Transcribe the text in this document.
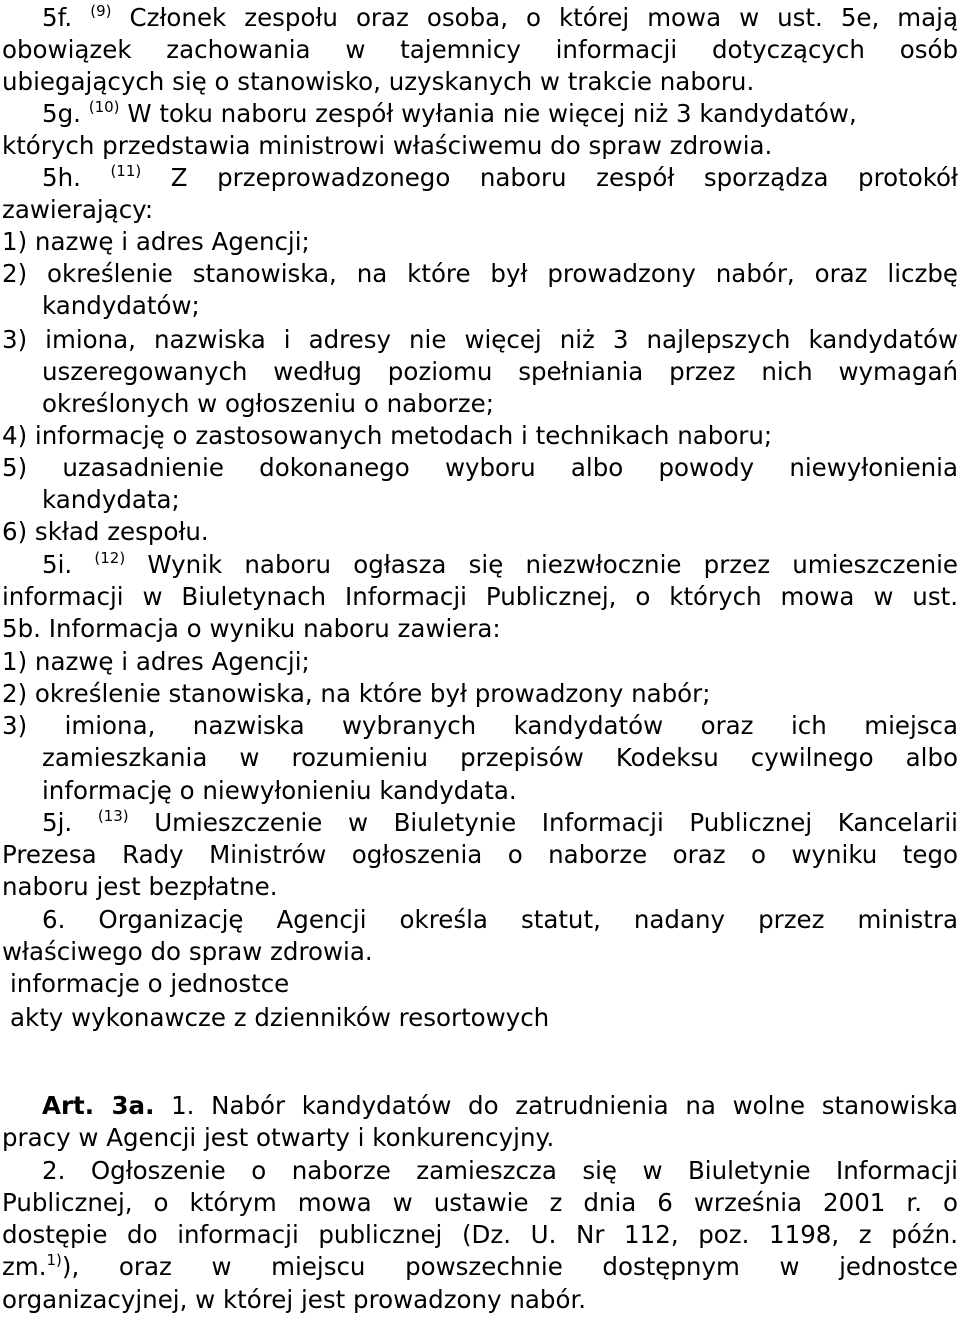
5f. $^{(9)}$ Członek zespołu oraz osoba, o której mowa w ust. 5e, mają
obowiązek zachowania w tajemnicy informacji dotyczących osób
ubiegających się o stanowisko, uzyskanych w trakcie naboru.
5g. $^{(10)}$ W toku naboru zespół wyłania nie więcej niż 3 kandydatów,
których przedstawia ministrowi właściwemu do spraw zdrowia.
5h. $^{(11)}$ Z przeprowadzonego naboru zespół sporządza protokół
zawierający:
1) nazwę i adres Agencji;
2) określenie stanowiska, na które był prowadzony nabór, oraz liczbę
kandydatów;
3) imiona, nazwiska i adresy nie więcej niż 3 najlepszych kandydatów
uszeregowanych według poziomu spełniania przez nich wymagań
określonych w ogłoszeniu o naborze;
4) informację o zastosowanych metodach i technikach naboru;
5) uzasadnienie dokonanego wyboru albo powody niewyłonienia
kandydata;
6) skład zespołu.
5i. $^{(12)}$ Wynik naboru ogłasza się niezwłocznie przez umieszczenie
informacji w Biuletynach Informacji Publicznej, o których mowa w ust.
5b. Informacja o wyniku naboru zawiera:
1) nazwę i adres Agencji;
2) określenie stanowiska, na które był prowadzony nabór;
3) imiona, nazwiska wybranych kandydatów oraz ich miejsca
zamieszkania w rozumieniu przepisów Kodeksu cywilnego albo
informację o niewyłonieniu kandydata.
5j. $^{(13)}$ Umieszczenie w Biuletynie Informacji Publicznej Kancelarii
Prezesa Rady Ministrów ogłoszenia o naborze oraz o wyniku tego
naboru jest bezpłatne.
6. Organizację Agencji określa statut, nadany przez ministra
właściwego do spraw zdrowia.
informacje o jednostce
akty wykonawcze z dzienników resortowych
Art. 3a. 1. Nabór kandydatów do zatrudnienia na wolne stanowiska
pracy w Agencji jest otwarty i konkurencyjny.
2. Ogłoszenie o naborze zamieszcza się w Biuletynie Informacji
Publicznej, o którym mowa w ustawie z dnia 6 września 2001 r. o
dostępie do informacji publicznej (Dz. U. Nr 112, poz. 1198, z późn.
zm.$^{1)}$), oraz w miejscu powszechnie dostępnym w jednostce
organizacyjnej, w której jest prowadzony nabór.
